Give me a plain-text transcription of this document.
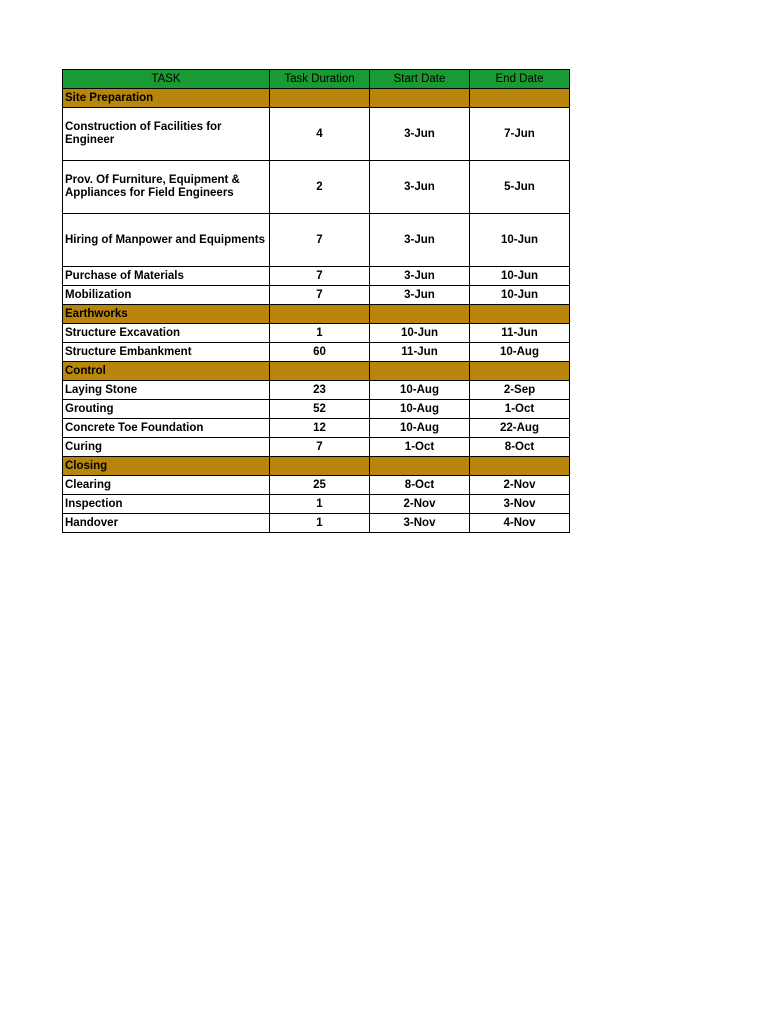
TASK	Task Duration	Start Date	End Date
Site Preparation			
Construction of Facilities for Engineer	4	3-Jun	7-Jun
Prov. Of Furniture, Equipment & Appliances for Field Engineers	2	3-Jun	5-Jun
Hiring of Manpower and Equipments	7	3-Jun	10-Jun
Purchase of Materials	7	3-Jun	10-Jun
Mobilization	7	3-Jun	10-Jun
Earthworks			
Structure Excavation	1	10-Jun	11-Jun
Structure Embankment	60	11-Jun	10-Aug
Control			
Laying Stone	23	10-Aug	2-Sep
Grouting	52	10-Aug	1-Oct
Concrete Toe Foundation	12	10-Aug	22-Aug
Curing	7	1-Oct	8-Oct
Closing			
Clearing	25	8-Oct	2-Nov
Inspection	1	2-Nov	3-Nov
Handover	1	3-Nov	4-Nov
